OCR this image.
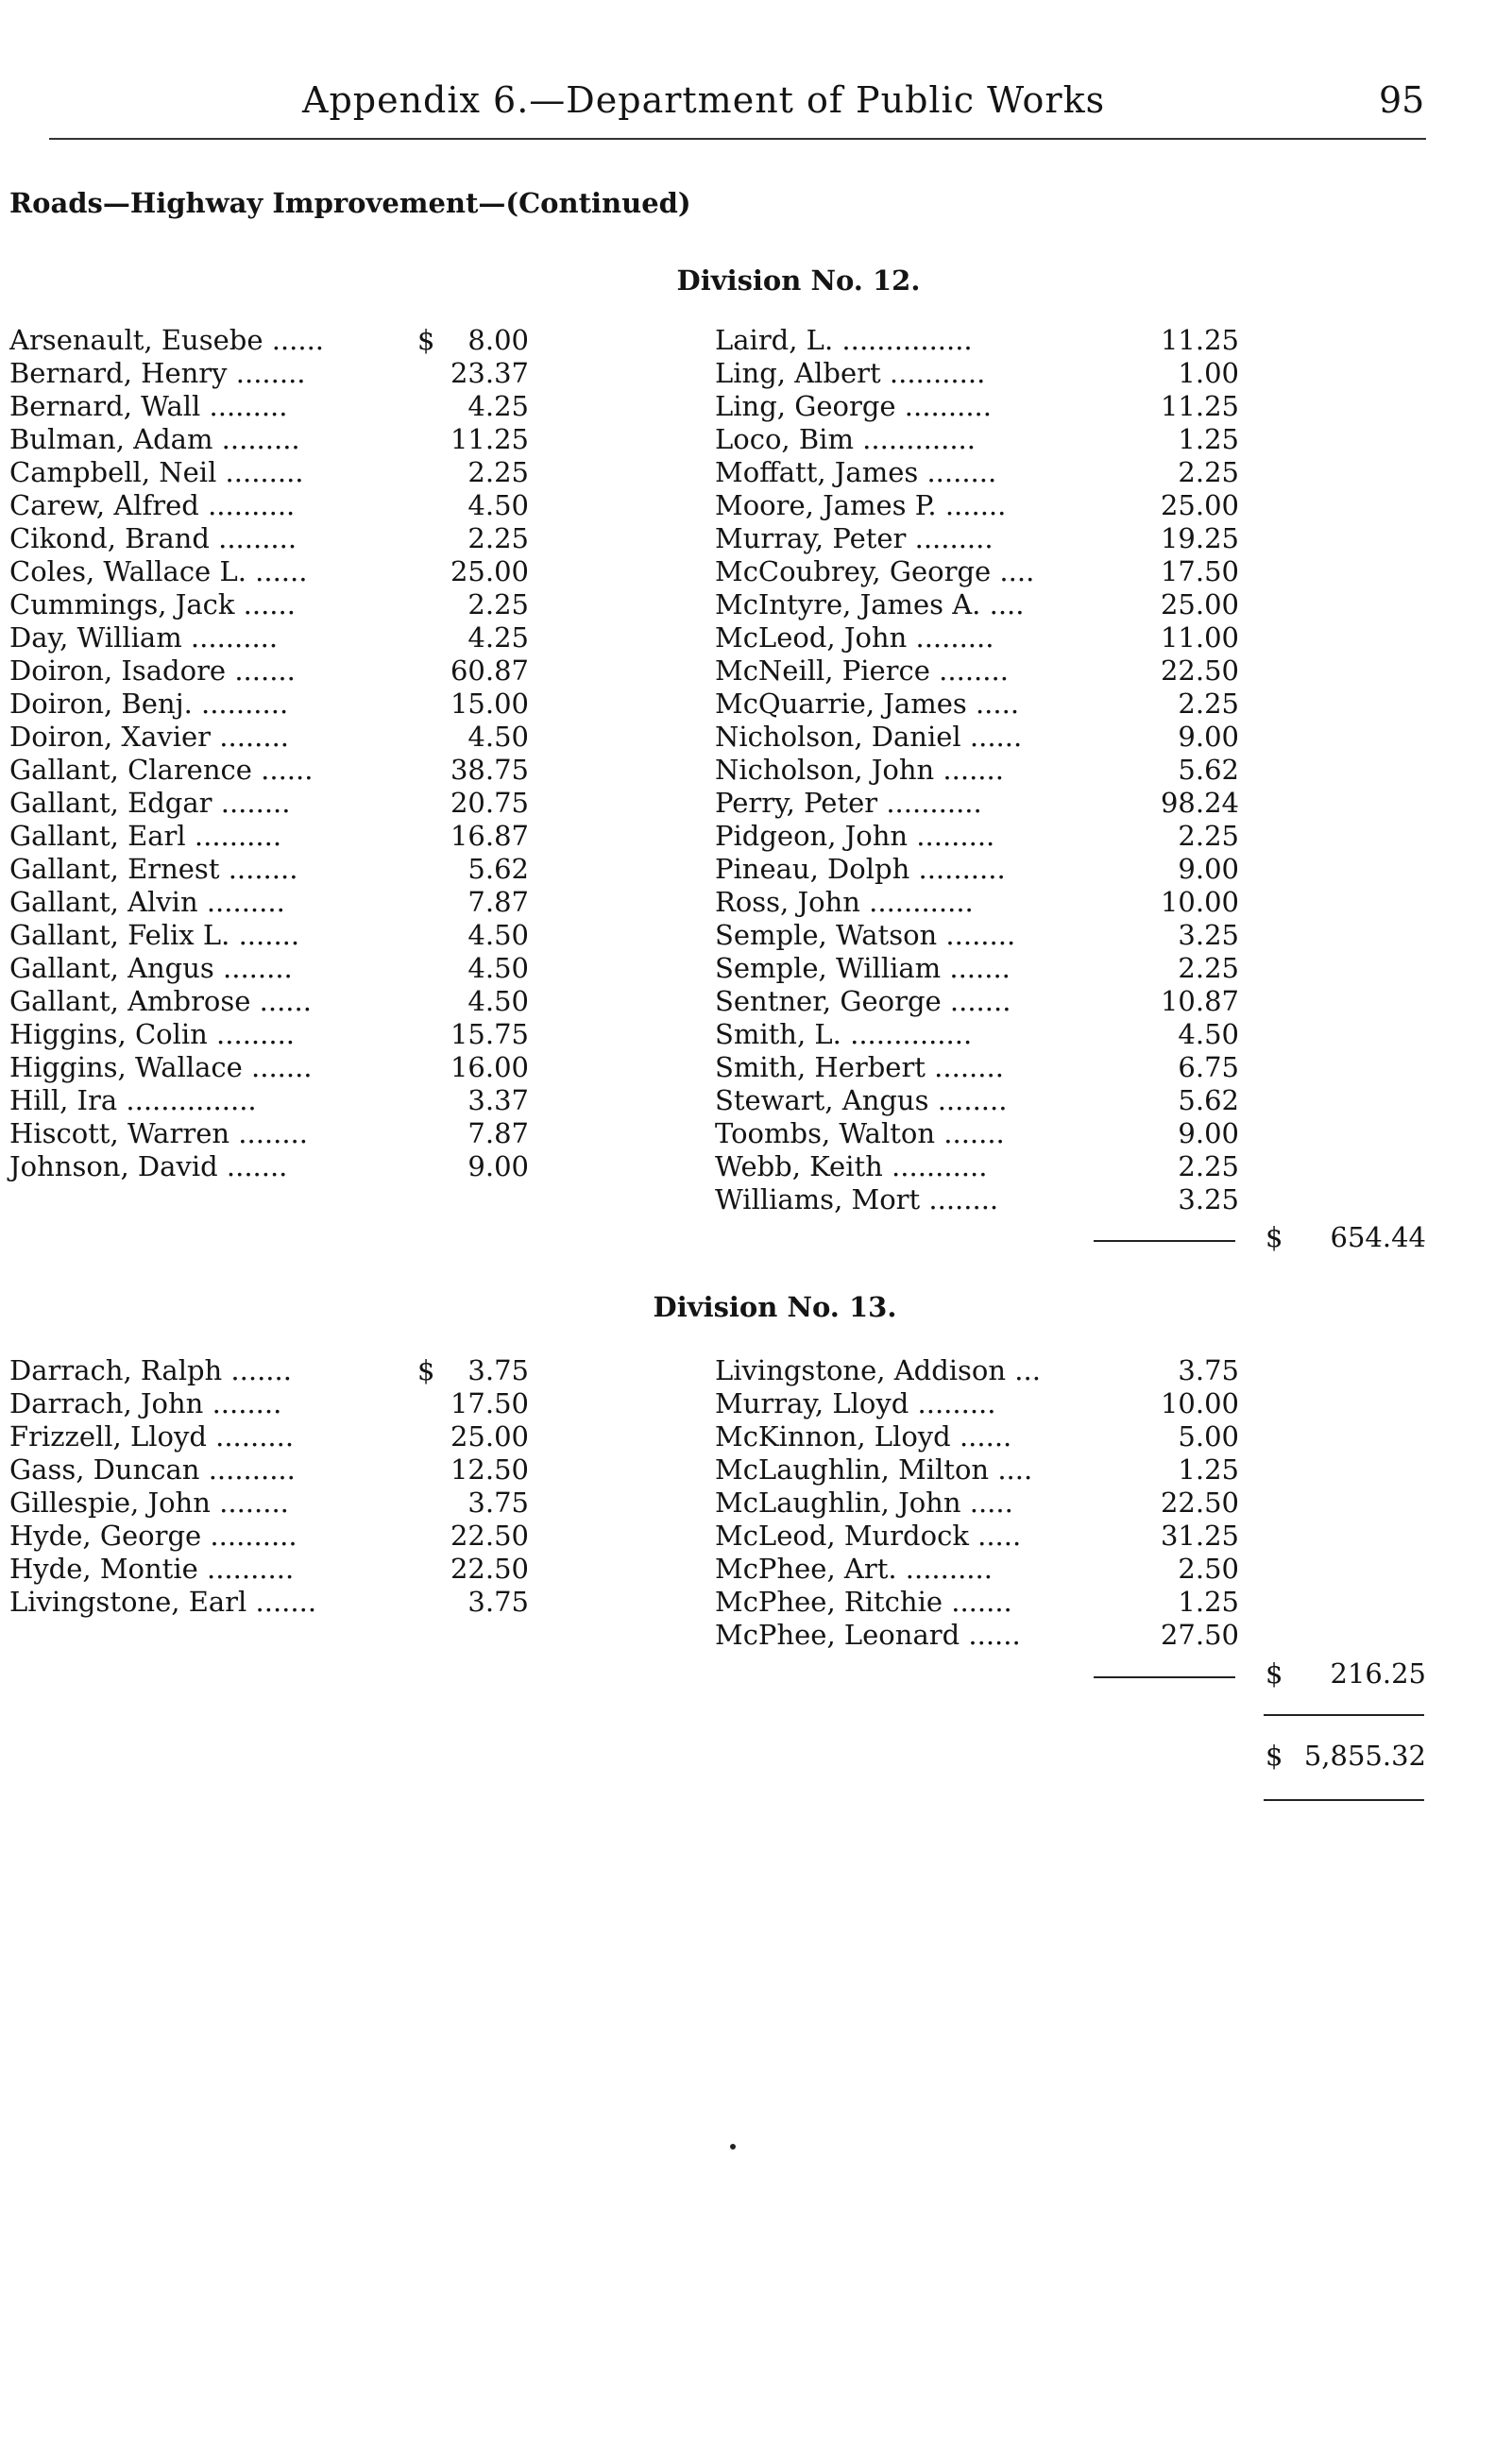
Appendix 6.—Department of Public Works	95
Roads—Highway Improvement—(Continued)
Division No. 12.
Arsenault, Eusebe ......	$ 8.00
Bernard, Henry ........	23.37
Bernard, Wall .........	4.25
Bulman, Adam .........	11.25
Campbell, Neil .........	2.25
Carew, Alfred ..........	4.50
Cikond, Brand .........	2.25
Coles, Wallace L. ......	25.00
Cummings, Jack ......	2.25
Day, William ..........	4.25
Doiron, Isadore .......	60.87
Doiron, Benj. ..........	15.00
Doiron, Xavier ........	4.50
Gallant, Clarence ......	38.75
Gallant, Edgar ........	20.75
Gallant, Earl ..........	16.87
Gallant, Ernest ........	5.62
Gallant, Alvin .........	7.87
Gallant, Felix L. .......	4.50
Gallant, Angus ........	4.50
Gallant, Ambrose ......	4.50
Higgins, Colin .........	15.75
Higgins, Wallace .......	16.00
Hill, Ira ...............	3.37
Hiscott, Warren ........	7.87
Johnson, David .......	9.00
Laird, L. ...............	11.25
Ling, Albert ...........	1.00
Ling, George ..........	11.25
Loco, Bim .............	1.25
Moffatt, James ........	2.25
Moore, James P. .......	25.00
Murray, Peter .........	19.25
McCoubrey, George ....	17.50
McIntyre, James A. ....	25.00
McLeod, John .........	11.00
McNeill, Pierce ........	22.50
McQuarrie, James .....	2.25
Nicholson, Daniel ......	9.00
Nicholson, John .......	5.62
Perry, Peter ...........	98.24
Pidgeon, John .........	2.25
Pineau, Dolph ..........	9.00
Ross, John ............	10.00
Semple, Watson ........	3.25
Semple, William .......	2.25
Sentner, George .......	10.87
Smith, L. ..............	4.50
Smith, Herbert ........	6.75
Stewart, Angus ........	5.62
Toombs, Walton .......	9.00
Webb, Keith ...........	2.25
Williams, Mort ........	3.25
$ 654.44
Division No. 13.
Darrach, Ralph .......	$ 3.75
Darrach, John ........	17.50
Frizzell, Lloyd .........	25.00
Gass, Duncan ..........	12.50
Gillespie, John ........	3.75
Hyde, George ..........	22.50
Hyde, Montie ..........	22.50
Livingstone, Earl .......	3.75
Livingstone, Addison ...	3.75
Murray, Lloyd .........	10.00
McKinnon, Lloyd ......	5.00
McLaughlin, Milton ....	1.25
McLaughlin, John .....	22.50
McLeod, Murdock .....	31.25
McPhee, Art. ..........	2.50
McPhee, Ritchie .......	1.25
McPhee, Leonard ......	27.50
$ 216.25
$ 5,855.32
